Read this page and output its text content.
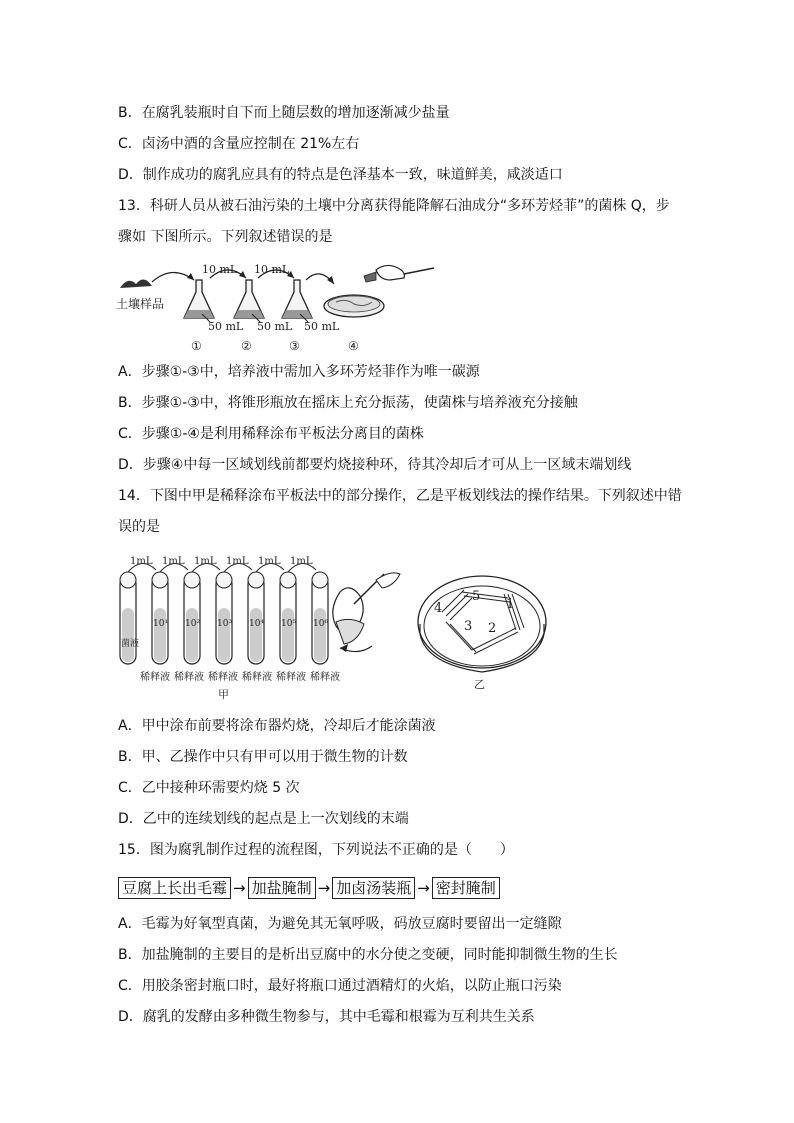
B．在腐乳装瓶时自下而上随层数的增加逐渐减少盐量
C．卤汤中酒的含量应控制在 21%左右
D．制作成功的腐乳应具有的特点是色泽基本一致，味道鲜美，咸淡适口
13．科研人员从被石油污染的土壤中分离获得能降解石油成分“多环芳烃菲”的菌株 Q，步
骤如 下图所示。下列叙述错误的是
土壤样品
10 mL 10 mL
50 mL 50 mL 50 mL
①	②	③	④
A．步骤①-③中，培养液中需加入多环芳烃菲作为唯一碳源
B．步骤①-③中，将锥形瓶放在摇床上充分振荡，使菌株与培养液充分接触
C．步骤①-④是利用稀释涂布平板法分离目的菌株
D．步骤④中每一区域划线前都要灼烧接种环，待其冷却后才可从上一区域末端划线
14．下图中甲是稀释涂布平板法中的部分操作，乙是平板划线法的操作结果。下列叙述中错
误的是
1mL 1mL 1mL 1mL 1mL 1mL
菌液
10¹ 10² 10³ 10⁴ 10⁵ 10⁶
稀释液 稀释液 稀释液 稀释液 稀释液 稀释液
甲
4
5
1
3 2
乙
A．甲中涂布前要将涂布器灼烧，冷却后才能涂菌液
B．甲、乙操作中只有甲可以用于微生物的计数
C．乙中接种环需要灼烧 5 次
D．乙中的连续划线的起点是上一次划线的末端
15．图为腐乳制作过程的流程图，下列说法不正确的是（　　）
豆腐上长出毛霉 → 加盐腌制 → 加卤汤装瓶 → 密封腌制
A．毛霉为好氧型真菌，为避免其无氧呼吸，码放豆腐时要留出一定缝隙
B．加盐腌制的主要目的是析出豆腐中的水分使之变硬，同时能抑制微生物的生长
C．用胶条密封瓶口时，最好将瓶口通过酒精灯的火焰，以防止瓶口污染
D．腐乳的发酵由多种微生物参与，其中毛霉和根霉为互利共生关系
